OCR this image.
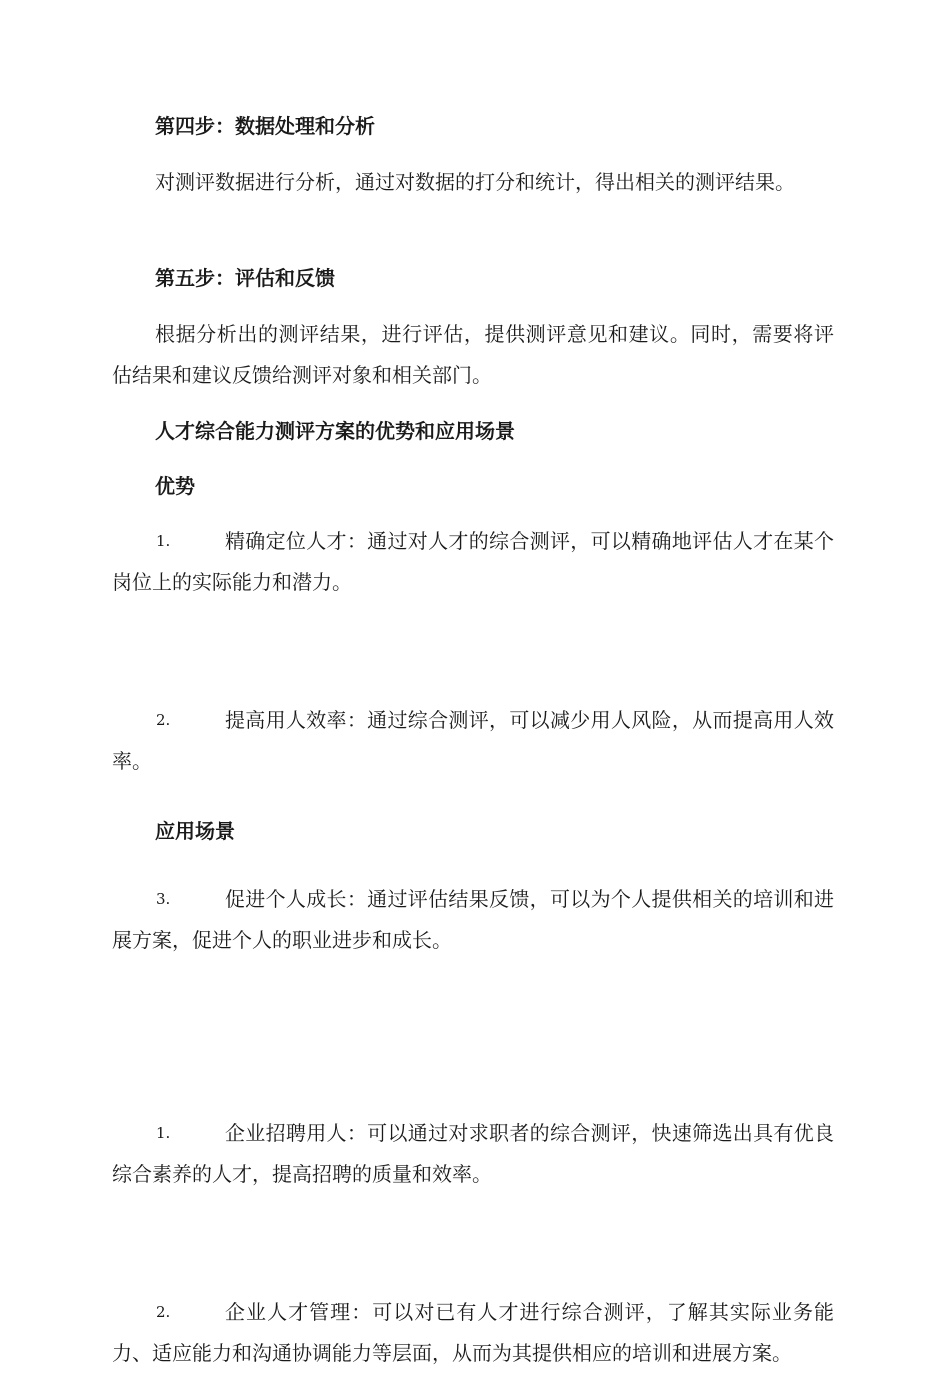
第四步：数据处理和分析
对测评数据进行分析，通过对数据的打分和统计，得出相关的测评结果。
第五步：评估和反馈
根据分析出的测评结果，进行评估，提供测评意见和建议。同时，需要将评估结果和建议反馈给测评对象和相关部门。
人才综合能力测评方案的优势和应用场景
优势
1.	精确定位人才：通过对人才的综合测评，可以精确地评估人才在某个岗位上的实际能力和潜力。
2.	提高用人效率：通过综合测评，可以减少用人风险，从而提高用人效率。
3.	促进个人成长：通过评估结果反馈，可以为个人提供相关的培训和进展方案，促进个人的职业进步和成长。
应用场景
1.	企业招聘用人：可以通过对求职者的综合测评，快速筛选出具有优良综合素养的人才，提高招聘的质量和效率。
2.	企业人才管理：可以对已有人才进行综合测评，了解其实际业务能力、适应能力和沟通协调能力等层面，从而为其提供相应的培训和进展方案。
